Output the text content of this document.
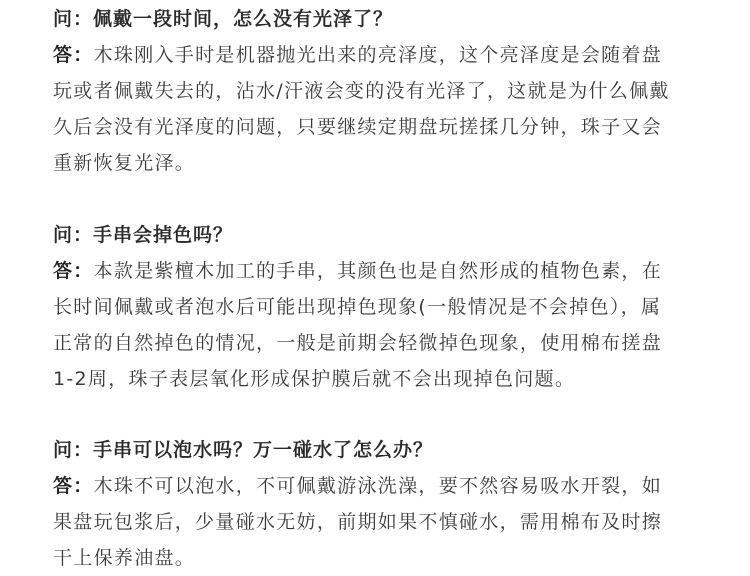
问：佩戴一段时间，怎么没有光泽了？
答：木珠刚入手时是机器抛光出来的亮泽度，这个亮泽度是会随着盘
玩或者佩戴失去的，沾水/汗液会变的没有光泽了，这就是为什么佩戴
久后会没有光泽度的问题，只要继续定期盘玩搓揉几分钟，珠子又会
重新恢复光泽。
问：手串会掉色吗？
答：本款是紫檀木加工的手串，其颜色也是自然形成的植物色素，在
长时间佩戴或者泡水后可能出现掉色现象(一般情况是不会掉色），属
正常的自然掉色的情况，一般是前期会轻微掉色现象，使用棉布搓盘
1-2周，珠子表层氧化形成保护膜后就不会出现掉色问题。
问：手串可以泡水吗？万一碰水了怎么办？
答：木珠不可以泡水，不可佩戴游泳洗澡，要不然容易吸水开裂，如
果盘玩包浆后，少量碰水无妨，前期如果不慎碰水，需用棉布及时擦
干上保养油盘。
